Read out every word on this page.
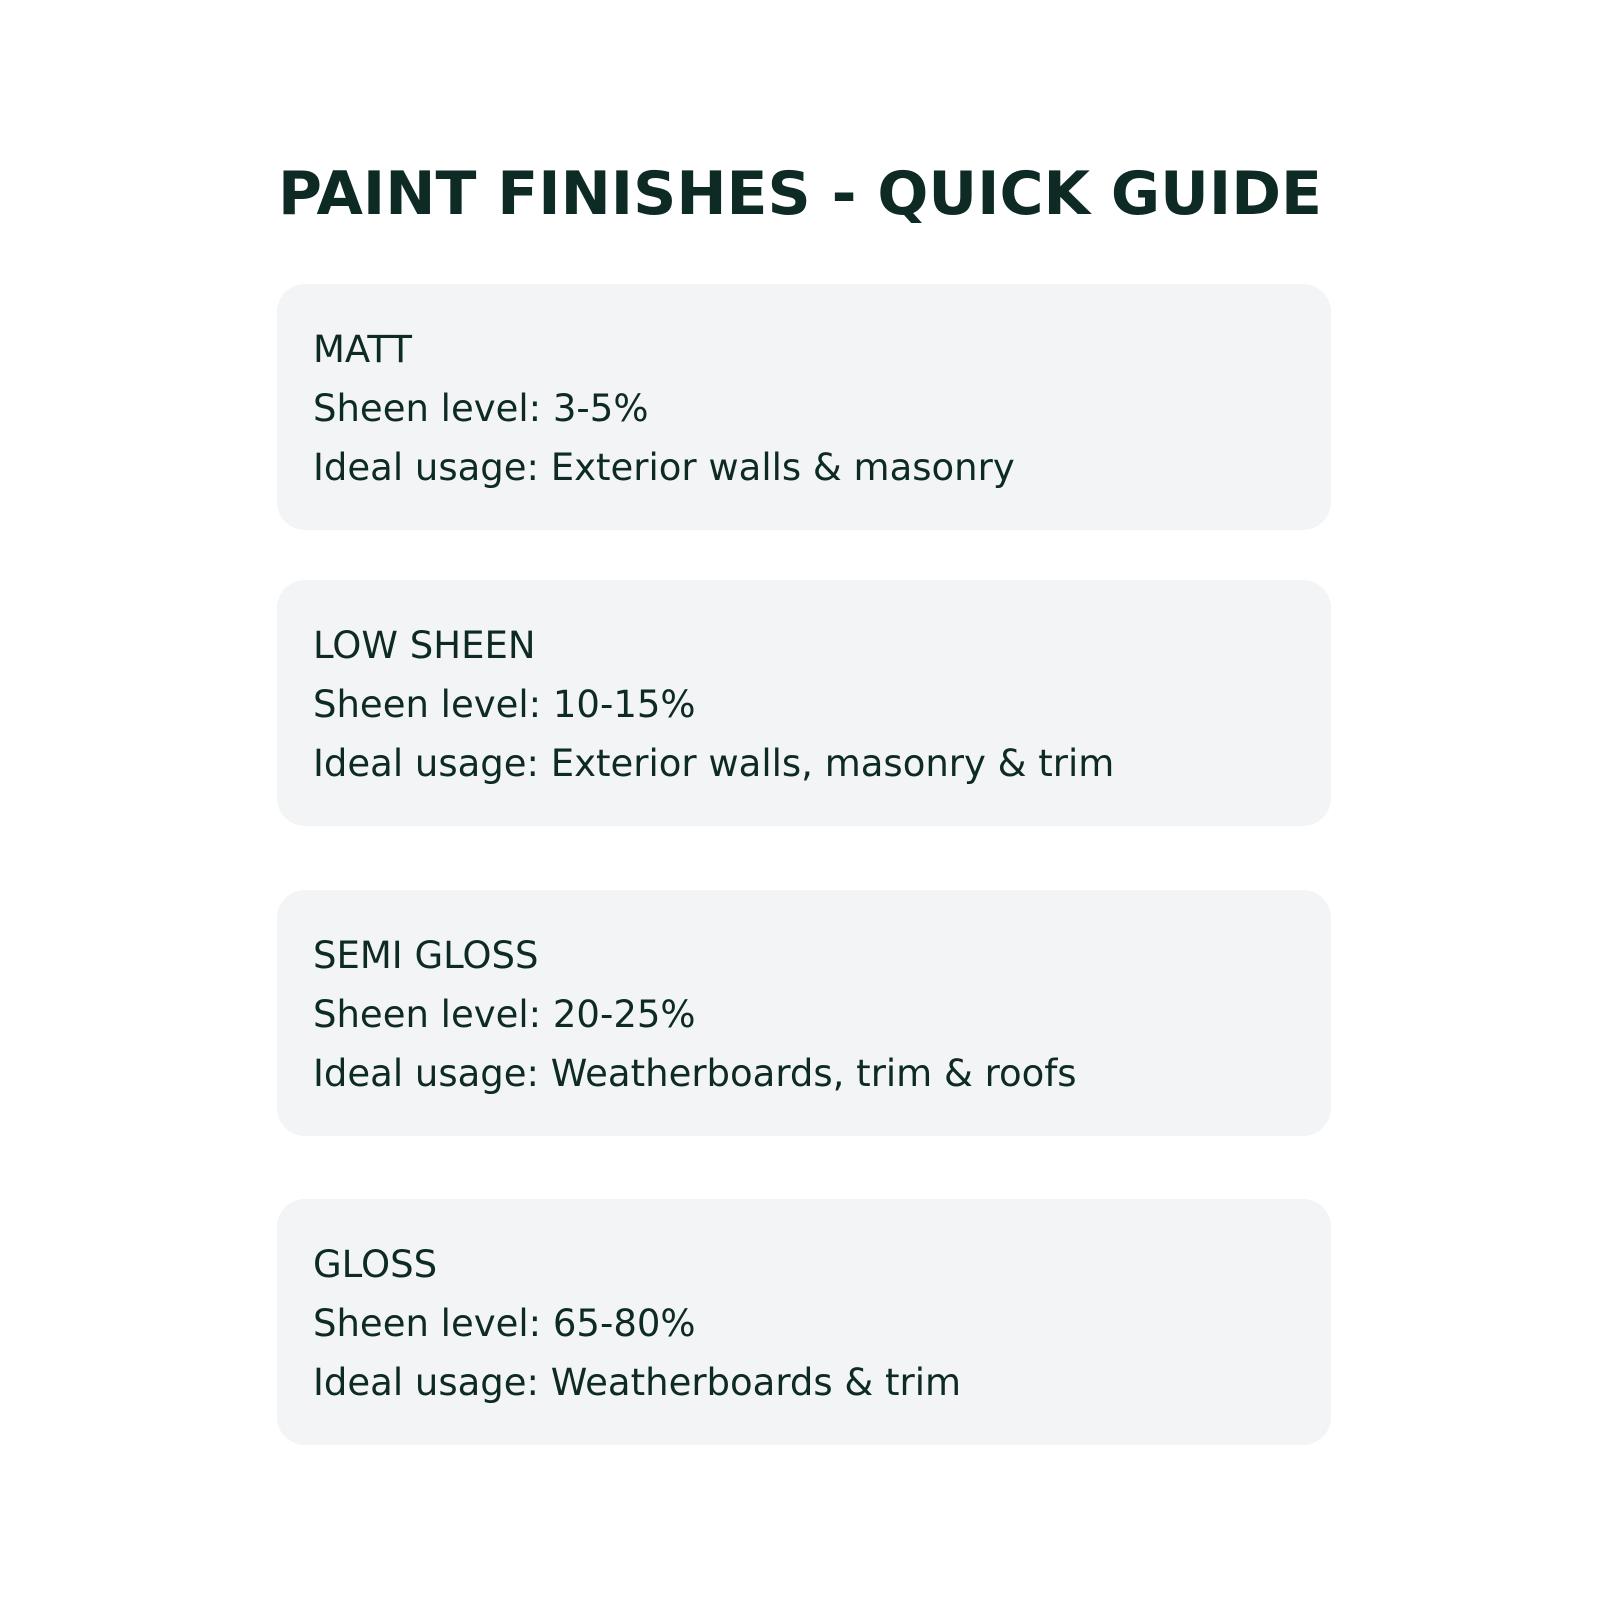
PAINT FINISHES - QUICK GUIDE
MATT
Sheen level: 3-5%
Ideal usage: Exterior walls & masonry
LOW SHEEN
Sheen level: 10-15%
Ideal usage: Exterior walls, masonry & trim
SEMI GLOSS
Sheen level: 20-25%
Ideal usage: Weatherboards, trim & roofs
GLOSS
Sheen level: 65-80%
Ideal usage: Weatherboards & trim
